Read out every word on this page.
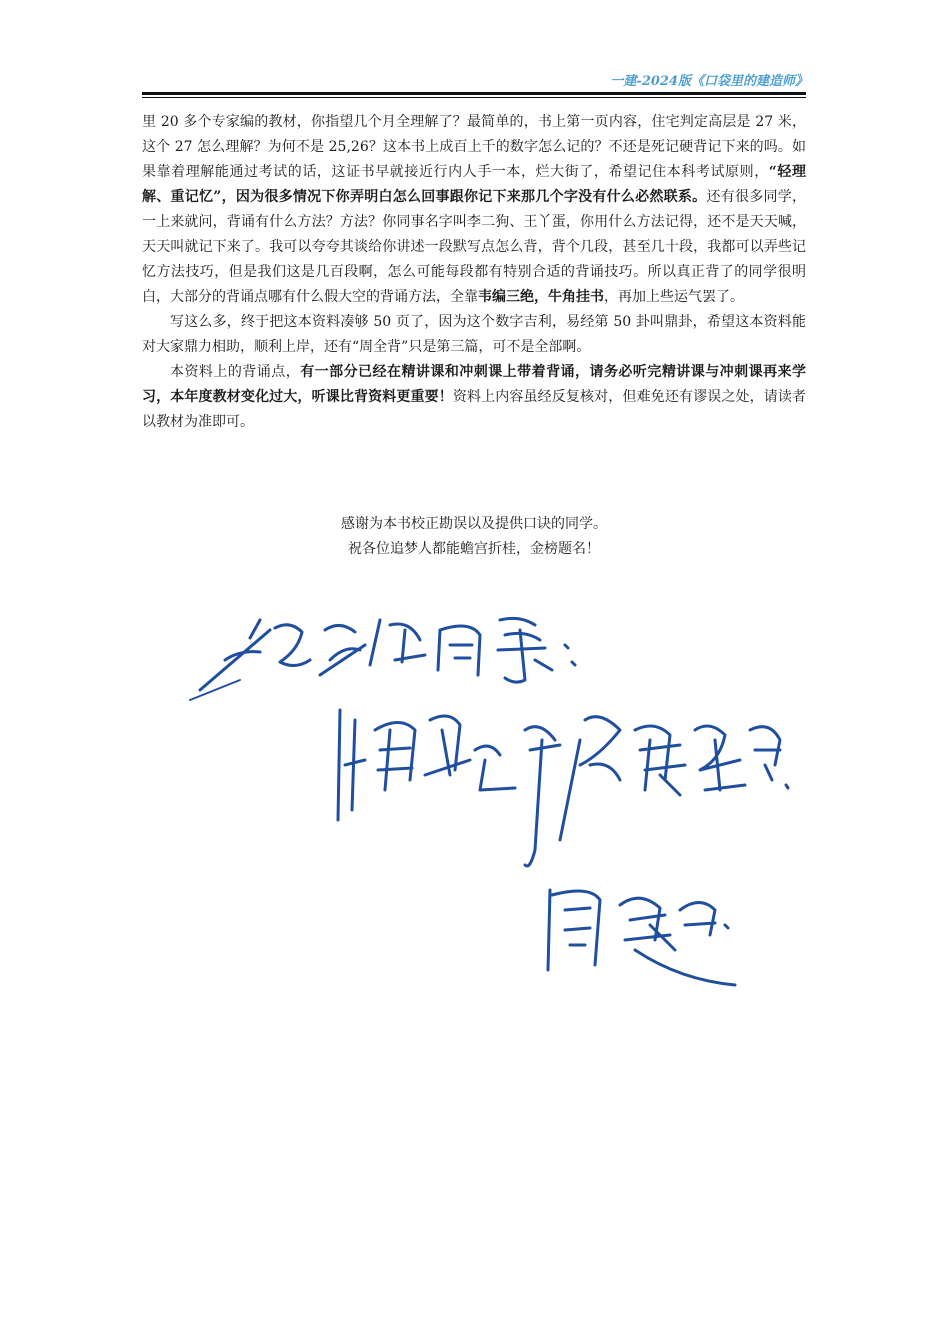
一建-2024版《口袋里的建造师》

里 20 多个专家编的教材，你指望几个月全理解了？最简单的，书上第一页内容，住宅判定高层是 27 米，这个 27 怎么理解？为何不是 25,26？这本书上成百上千的数字怎么记的？不还是死记硬背记下来的吗。如果靠着理解能通过考试的话，这证书早就接近行内人手一本，烂大街了，希望记住本科考试原则，“轻理解、重记忆”，因为很多情况下你弄明白怎么回事跟你记下来那几个字没有什么必然联系。还有很多同学，一上来就问，背诵有什么方法？方法？你同事名字叫李二狗、王丫蛋，你用什么方法记得，还不是天天喊，天天叫就记下来了。我可以夸夸其谈给你讲述一段默写点怎么背，背个几段，甚至几十段，我都可以弄些记忆方法技巧，但是我们这是几百段啊，怎么可能每段都有特别合适的背诵技巧。所以真正背了的同学很明白，大部分的背诵点哪有什么假大空的背诵方法，全靠韦编三绝，牛角挂书，再加上些运气罢了。

写这么多，终于把这本资料凑够 50 页了，因为这个数字吉利，易经第 50 卦叫鼎卦，希望这本资料能对大家鼎力相助，顺利上岸，还有“周全背”只是第三篇，可不是全部啊。

本资料上的背诵点，有一部分已经在精讲课和冲刺课上带着背诵，请务必听完精讲课与冲刺课再来学习，本年度教材变化过大，听课比背资料更重要！资料上内容虽经反复核对，但难免还有谬误之处，请读者以教材为准即可。

感谢为本书校正勘误以及提供口诀的同学。
祝各位追梦人都能蟾宫折桂，金榜题名！
